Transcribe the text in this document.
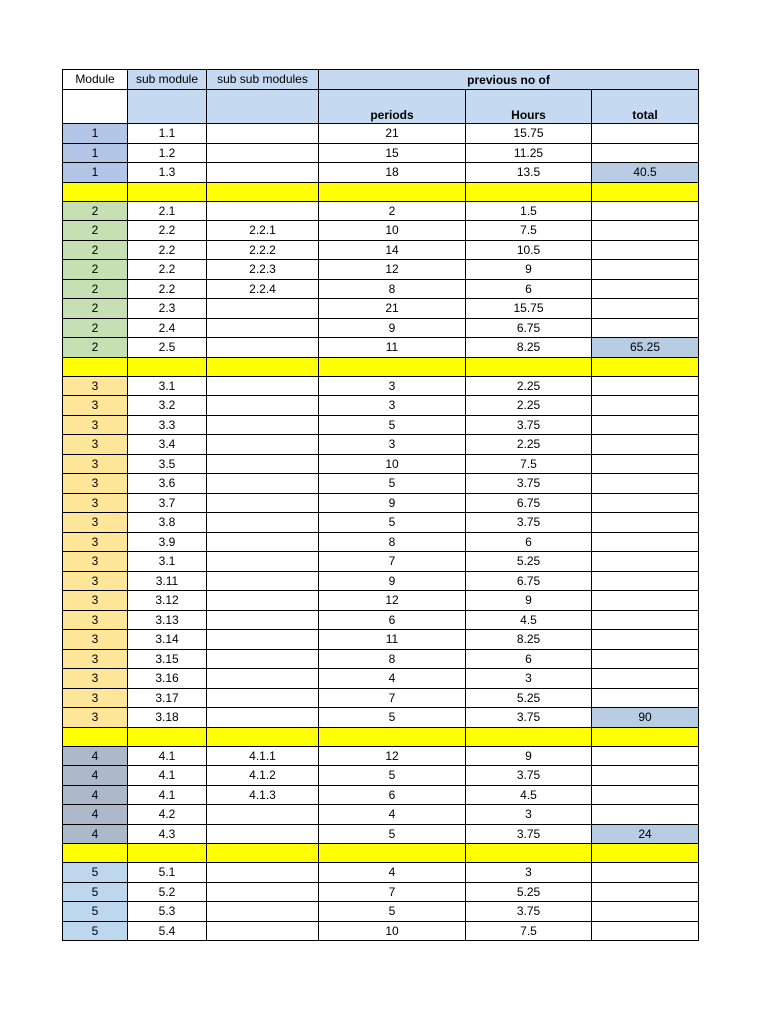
Module	sub module	sub sub modules	previous no of		
			periods	Hours	total
1	1.1		21	15.75	
1	1.2		15	11.25	
1	1.3		18	13.5	40.5

2	2.1		2	1.5	
2	2.2	2.2.1	10	7.5	
2	2.2	2.2.2	14	10.5	
2	2.2	2.2.3	12	9	
2	2.2	2.2.4	8	6	
2	2.3		21	15.75	
2	2.4		9	6.75	
2	2.5		11	8.25	65.25

3	3.1		3	2.25	
3	3.2		3	2.25	
3	3.3		5	3.75	
3	3.4		3	2.25	
3	3.5		10	7.5	
3	3.6		5	3.75	
3	3.7		9	6.75	
3	3.8		5	3.75	
3	3.9		8	6	
3	3.1		7	5.25	
3	3.11		9	6.75	
3	3.12		12	9	
3	3.13		6	4.5	
3	3.14		11	8.25	
3	3.15		8	6	
3	3.16		4	3	
3	3.17		7	5.25	
3	3.18		5	3.75	90

4	4.1	4.1.1	12	9	
4	4.1	4.1.2	5	3.75	
4	4.1	4.1.3	6	4.5	
4	4.2		4	3	
4	4.3		5	3.75	24

5	5.1		4	3	
5	5.2		7	5.25	
5	5.3		5	3.75	
5	5.4		10	7.5	
